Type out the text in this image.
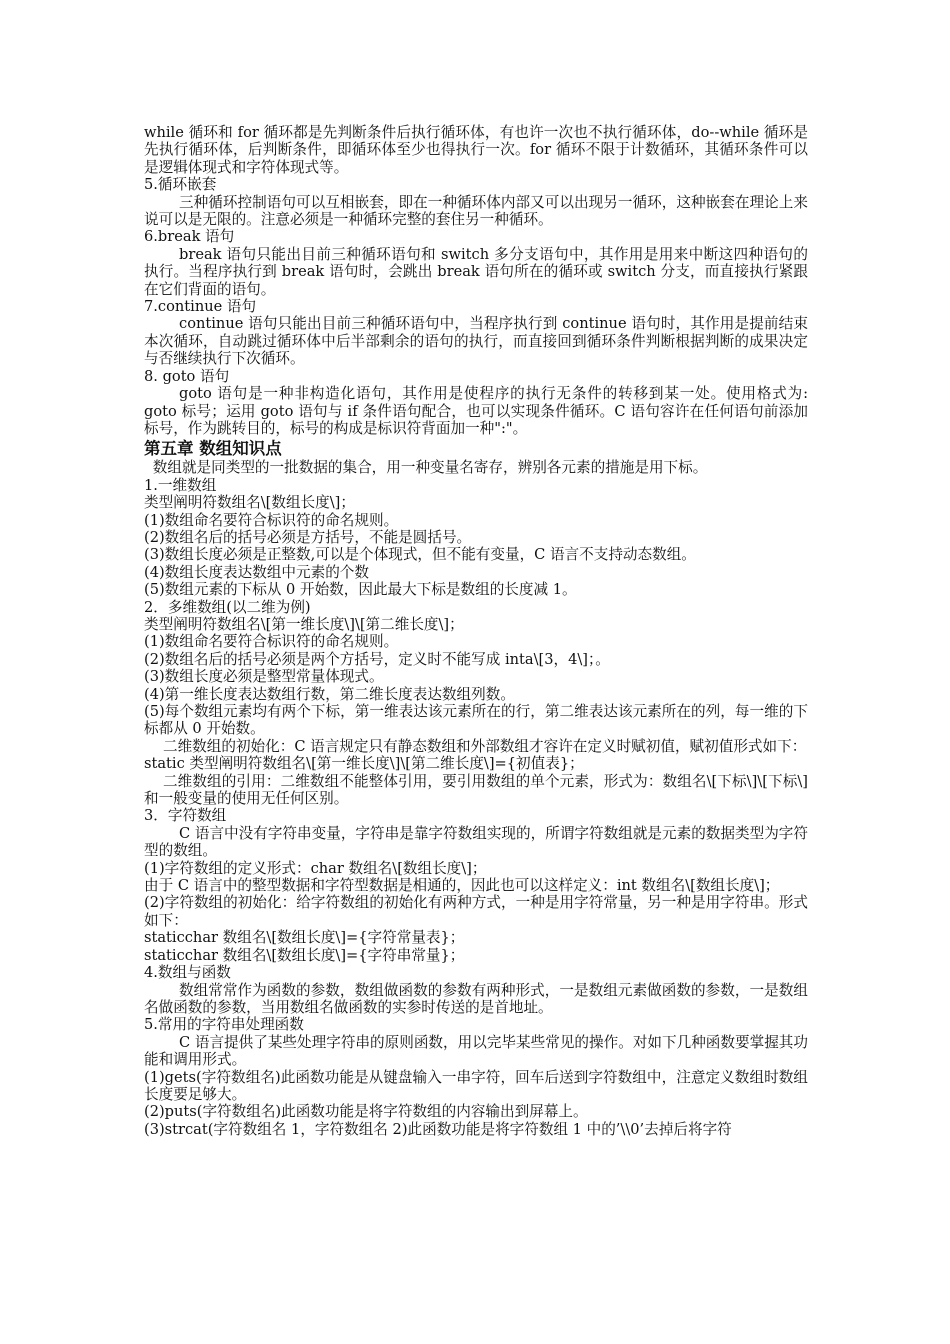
while 循环和 for 循环都是先判断条件后执行循环体，有也许一次也不执行循环体，do--while 循环是先执行循环体，后判断条件，即循环体至少也得执行一次。for 循环不限于计数循环，其循环条件可以是逻辑体现式和字符体现式等。

5.循环嵌套

三种循环控制语句可以互相嵌套，即在一种循环体内部又可以出现另一循环，这种嵌套在理论上来说可以是无限的。注意必须是一种循环完整的套住另一种循环。

6.break 语句

break 语句只能出目前三种循环语句和 switch 多分支语句中，其作用是用来中断这四种语句的执行。当程序执行到 break 语句时，会跳出 break 语句所在的循环或 switch 分支，而直接执行紧跟在它们背面的语句。

7.continue 语句

continue 语句只能出目前三种循环语句中，当程序执行到 continue 语句时，其作用是提前结束本次循环，自动跳过循环体中后半部剩余的语句的执行，而直接回到循环条件判断根据判断的成果决定与否继续执行下次循环。

8. goto 语句

goto 语句是一种非构造化语句，其作用是使程序的执行无条件的转移到某一处。使用格式为: goto 标号；运用 goto 语句与 if 条件语句配合，也可以实现条件循环。C 语句容许在任何语句前添加标号，作为跳转目的，标号的构成是标识符背面加一种":"。

第五章 数组知识点

数组就是同类型的一批数据的集合，用一种变量名寄存，辨别各元素的措施是用下标。

1.一维数组

类型阐明符数组名\[数组长度\]；

(1)数组命名要符合标识符的命名规则。

(2)数组名后的括号必须是方括号，不能是圆括号。

(3)数组长度必须是正整数,可以是个体现式，但不能有变量，C 语言不支持动态数组。

(4)数组长度表达数组中元素的个数

(5)数组元素的下标从 0 开始数，因此最大下标是数组的长度减 1。

2．多维数组(以二维为例)

类型阐明符数组名\[第一维长度\]\[第二维长度\]；

(1)数组命名要符合标识符的命名规则。

(2)数组名后的括号必须是两个方括号，定义时不能写成 inta\[3，4\]；。

(3)数组长度必须是整型常量体现式。

(4)第一维长度表达数组行数，第二维长度表达数组列数。

(5)每个数组元素均有两个下标，第一维表达该元素所在的行，第二维表达该元素所在的列，每一维的下标都从 0 开始数。

二维数组的初始化：C 语言规定只有静态数组和外部数组才容许在定义时赋初值，赋初值形式如下：

static 类型阐明符数组名\[第一维长度\]\[第二维长度\]={初值表}；

二维数组的引用：二维数组不能整体引用，要引用数组的单个元素，形式为：数组名\[下标\]\[下标\]和一般变量的使用无任何区别。

3．字符数组

C 语言中没有字符串变量，字符串是靠字符数组实现的，所谓字符数组就是元素的数据类型为字符型的数组。

(1)字符数组的定义形式：char 数组名\[数组长度\]；

由于 C 语言中的整型数据和字符型数据是相通的，因此也可以这样定义：int 数组名\[数组长度\]；

(2)字符数组的初始化：给字符数组的初始化有两种方式，一种是用字符常量，另一种是用字符串。形式如下：

staticchar 数组名\[数组长度\]={字符常量表}；

staticchar 数组名\[数组长度\]={字符串常量}；

4.数组与函数

数组常常作为函数的参数，数组做函数的参数有两种形式，一是数组元素做函数的参数，一是数组名做函数的参数，当用数组名做函数的实参时传送的是首地址。

5.常用的字符串处理函数

C 语言提供了某些处理字符串的原则函数，用以完毕某些常见的操作。对如下几种函数要掌握其功能和调用形式。

(1)gets(字符数组名)此函数功能是从键盘输入一串字符，回车后送到字符数组中，注意定义数组时数组长度要足够大。

(2)puts(字符数组名)此函数功能是将字符数组的内容输出到屏幕上。

(3)strcat(字符数组名 1，字符数组名 2)此函数功能是将字符数组 1 中的’\\0’去掉后将字符
